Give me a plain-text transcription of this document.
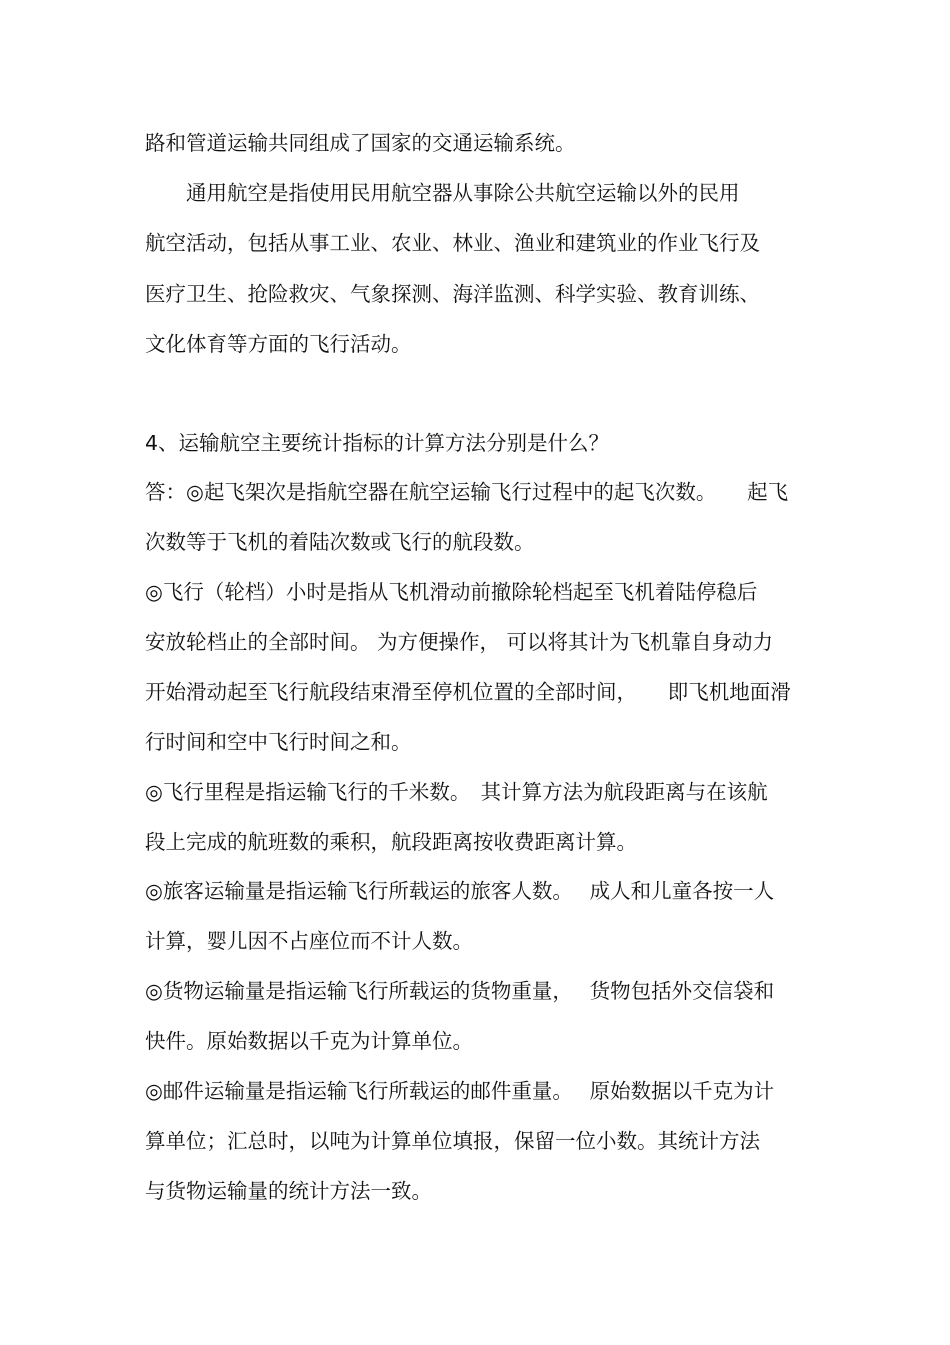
路和管道运输共同组成了国家的交通运输系统。

　　通用航空是指使用民用航空器从事除公共航空运输以外的民用

航空活动，包括从事工业、农业、林业、渔业和建筑业的作业飞行及

医疗卫生、抢险救灾、气象探测、海洋监测、科学实验、教育训练、

文化体育等方面的飞行活动。

4、运输航空主要统计指标的计算方法分别是什么？

答：◎起飞架次是指航空器在航空运输飞行过程中的起飞次数。　　起飞

次数等于飞机的着陆次数或飞行的航段数。

◎飞行（轮档）小时是指从飞机滑动前撤除轮档起至飞机着陆停稳后

安放轮档止的全部时间。 为方便操作， 可以将其计为飞机靠自身动力

开始滑动起至飞行航段结束滑至停机位置的全部时间，　　即飞机地面滑

行时间和空中飞行时间之和。

◎飞行里程是指运输飞行的千米数。　其计算方法为航段距离与在该航

段上完成的航班数的乘积，航段距离按收费距离计算。

◎旅客运输量是指运输飞行所载运的旅客人数。　 成人和儿童各按一人

计算，婴儿因不占座位而不计人数。

◎货物运输量是指运输飞行所载运的货物重量，　 货物包括外交信袋和

快件。原始数据以千克为计算单位。

◎邮件运输量是指运输飞行所载运的邮件重量。　 原始数据以千克为计

算单位；汇总时，以吨为计算单位填报，保留一位小数。其统计方法

与货物运输量的统计方法一致。
